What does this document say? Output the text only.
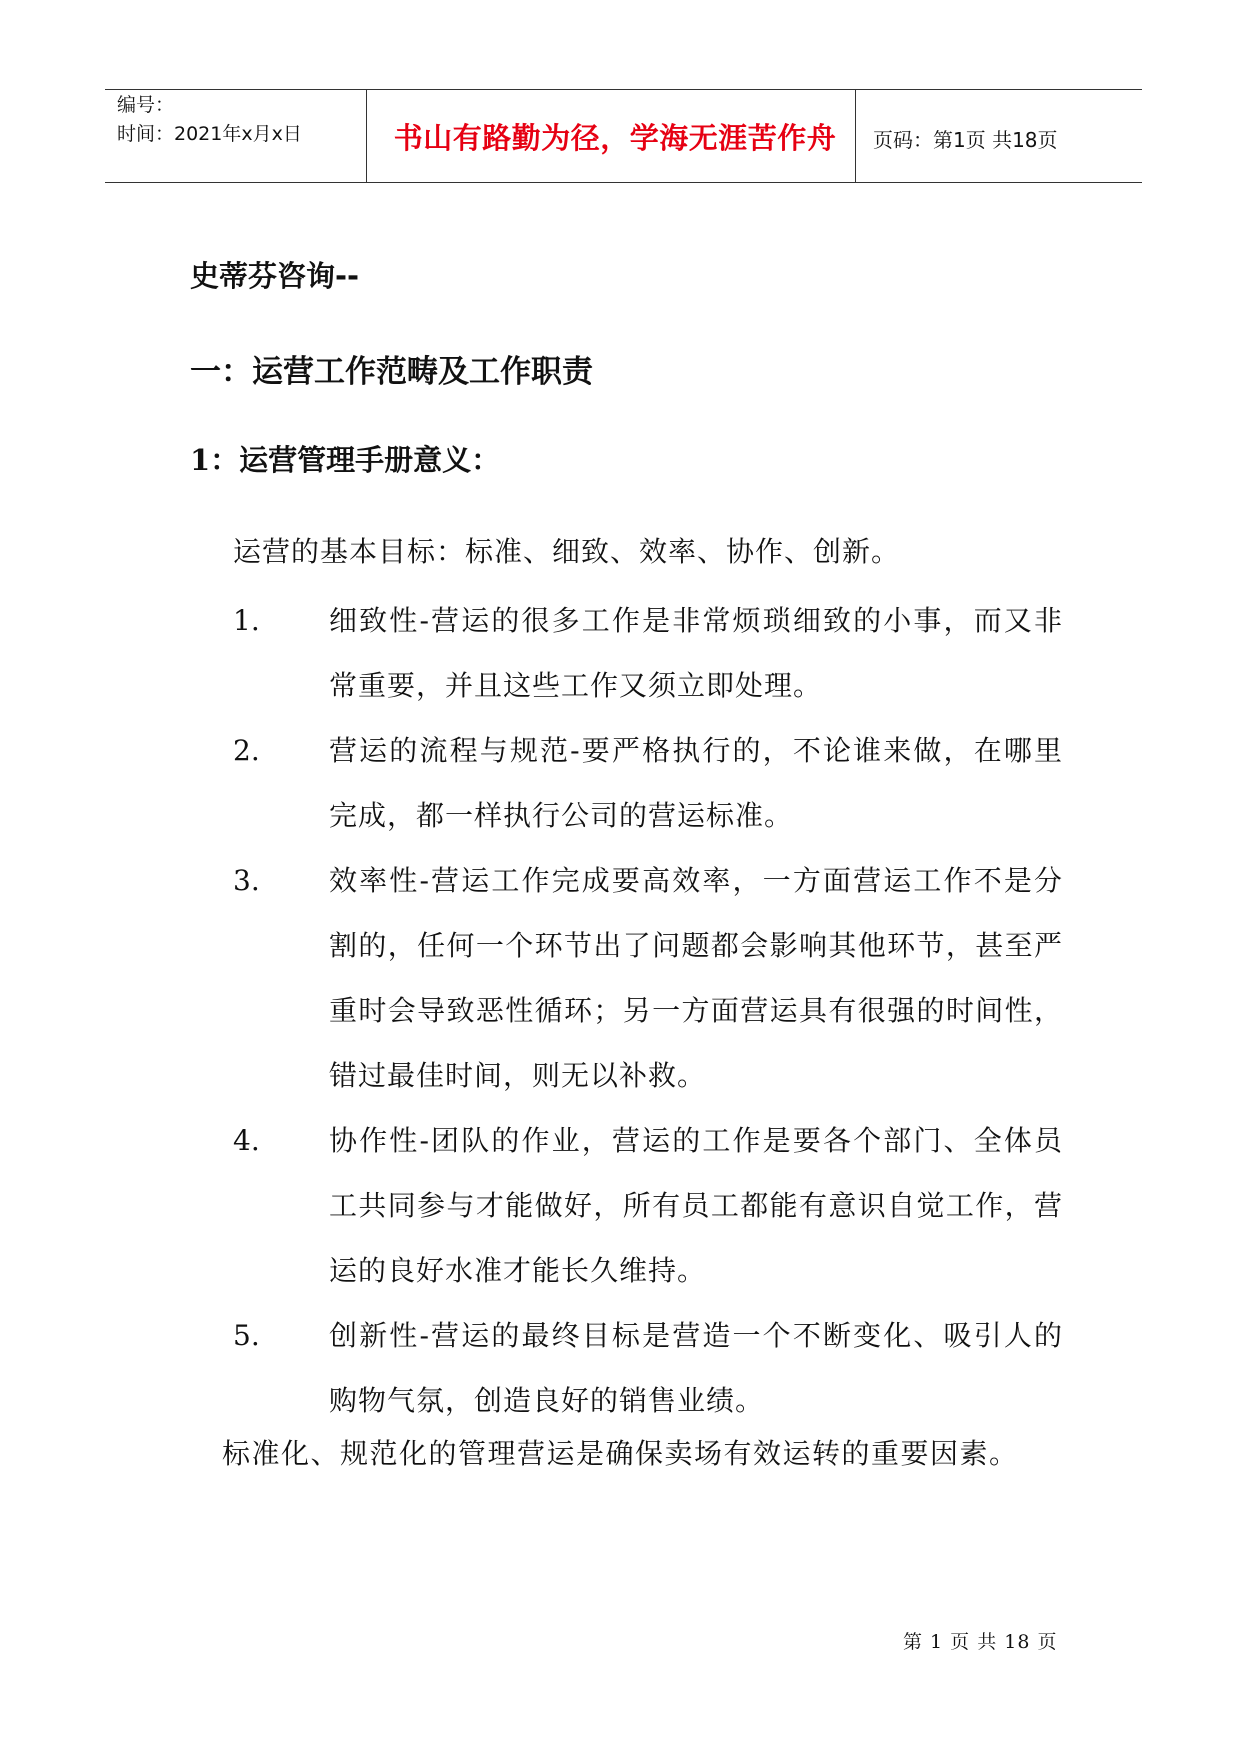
编号：
时间：2021年x月x日	书山有路勤为径，学海无涯苦作舟	页码：第1页 共18页
史蒂芬咨询--
一：运营工作范畴及工作职责
1：运营管理手册意义：
运营的基本目标：标准、细致、效率、协作、创新。
1.	细致性-营运的很多工作是非常烦琐细致的小事，而又非常重要，并且这些工作又须立即处理。
2.	营运的流程与规范-要严格执行的，不论谁来做，在哪里完成，都一样执行公司的营运标准。
3.	效率性-营运工作完成要高效率，一方面营运工作不是分割的，任何一个环节出了问题都会影响其他环节，甚至严重时会导致恶性循环；另一方面营运具有很强的时间性，错过最佳时间，则无以补救。
4.	协作性-团队的作业，营运的工作是要各个部门、全体员工共同参与才能做好，所有员工都能有意识自觉工作，营运的良好水准才能长久维持。
5.	创新性-营运的最终目标是营造一个不断变化、吸引人的购物气氛，创造良好的销售业绩。
标准化、规范化的管理营运是确保卖场有效运转的重要因素。
第 1 页 共 18 页
